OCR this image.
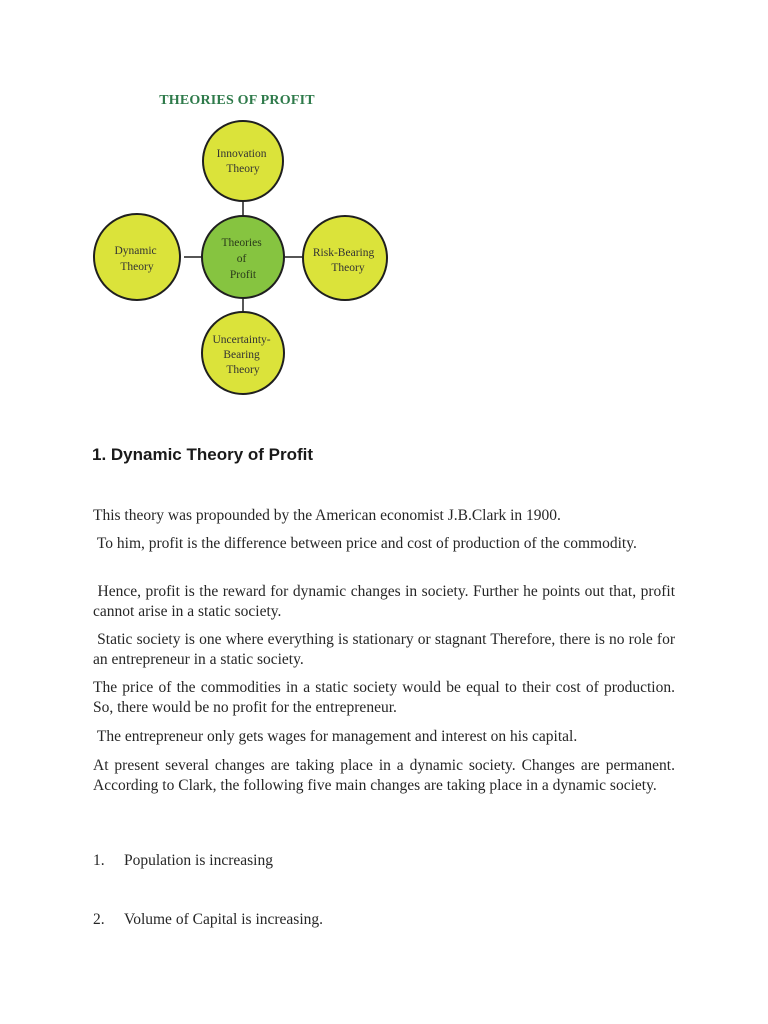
THEORIES OF PROFIT
Innovation Theory
Dynamic Theory
Theories of Profit
Risk-Bearing Theory
Uncertainty- Bearing Theory
1. Dynamic Theory of Profit

This theory was propounded by the American economist J.B.Clark in 1900.

To him, profit is the difference between price and cost of production of the commodity.

Hence, profit is the reward for dynamic changes in society. Further he points out that, profit cannot arise in a static society.

Static society is one where everything is stationary or stagnant Therefore, there is no role for an entrepreneur in a static society.

The price of the commodities in a static society would be equal to their cost of production. So, there would be no profit for the entrepreneur.

The entrepreneur only gets wages for management and interest on his capital.

At present several changes are taking place in a dynamic society. Changes are permanent. According to Clark, the following five main changes are taking place in a dynamic society.

1. Population is increasing
2. Volume of Capital is increasing.
